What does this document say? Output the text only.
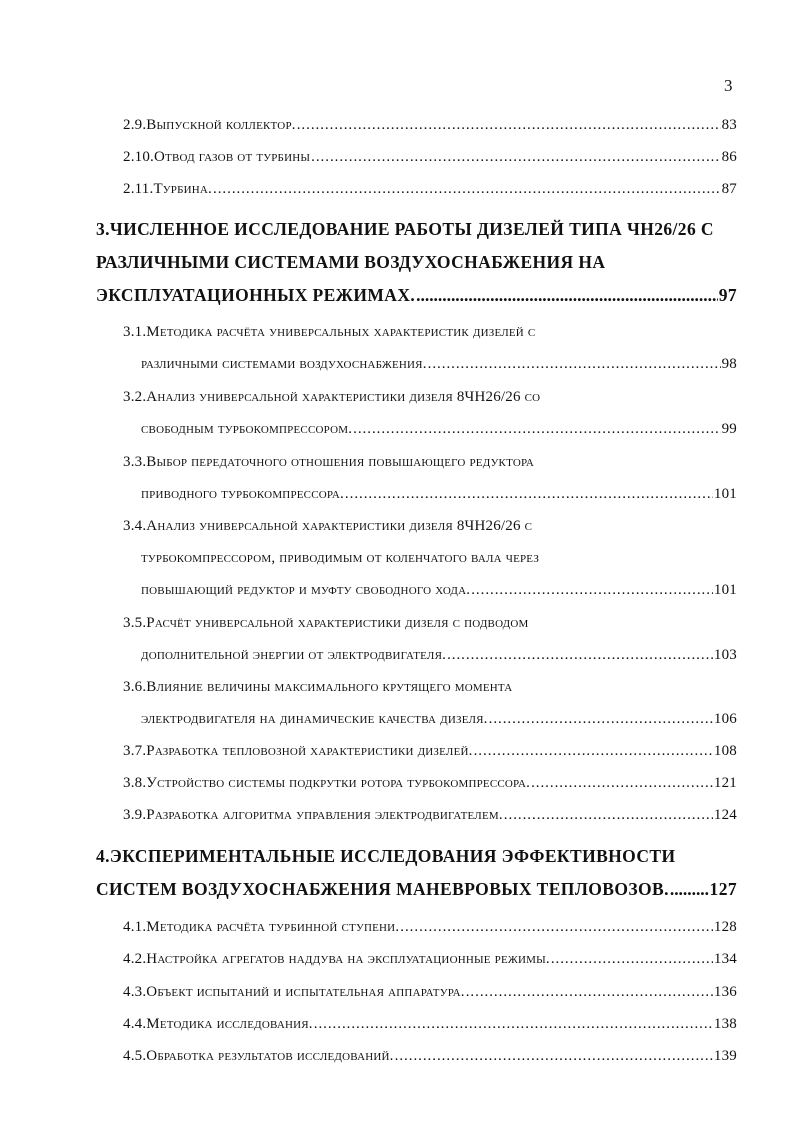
3
2.9.Выпускной коллектор. . . .	83
2.10.Отвод газов от турбины . . .	86
2.11.Турбина. . . .	87
3.ЧИСЛЕННОЕ ИССЛЕДОВАНИЕ РАБОТЫ ДИЗЕЛЕЙ ТИПА ЧН26/26 С
РАЗЛИЧНЫМИ СИСТЕМАМИ ВОЗДУХОСНАБЖЕНИЯ НА
ЭКСПЛУАТАЦИОННЫХ РЕЖИМАХ. . . .	97
3.1.Методика расчёта универсальных характеристик дизелей с
различными системами воздухоснабжения. . . .	98
3.2.Анализ универсальной характеристики дизеля 8ЧН26/26 со
свободным турбокомпрессором. . . .	99
3.3.Выбор передаточного отношения повышающего редуктора
приводного турбокомпрессора. . . .	101
3.4.Анализ универсальной характеристики дизеля 8ЧН26/26 с
турбокомпрессором, приводимым от коленчатого вала через
повышающий редуктор и муфту свободного хода. . . .	101
3.5.Расчёт универсальной характеристики дизеля с подводом
дополнительной энергии от электродвигателя. . . .	103
3.6.Влияние величины максимального крутящего момента
электродвигателя на динамические качества дизеля. . . .	106
3.7.Разработка тепловозной характеристики дизелей. . . .	108
3.8.Устройство системы подкрутки ротора турбокомпрессора. . . .	121
3.9.Разработка алгоритма управления электродвигателем. . . .	124
4.ЭКСПЕРИМЕНТАЛЬНЫЕ ИССЛЕДОВАНИЯ ЭФФЕКТИВНОСТИ
СИСТЕМ ВОЗДУХОСНАБЖЕНИЯ МАНЕВРОВЫХ ТЕПЛОВОЗОВ. . . . 127
4.1.Методика расчёта турбинной ступени. . . .	128
4.2.Настройка агрегатов наддува на эксплуатационные режимы. . . .	134
4.3.Объект испытаний и испытательная аппаратура. . . .	136
4.4.Методика исследования. . . .	138
4.5.Обработка результатов исследований. . . .	139
